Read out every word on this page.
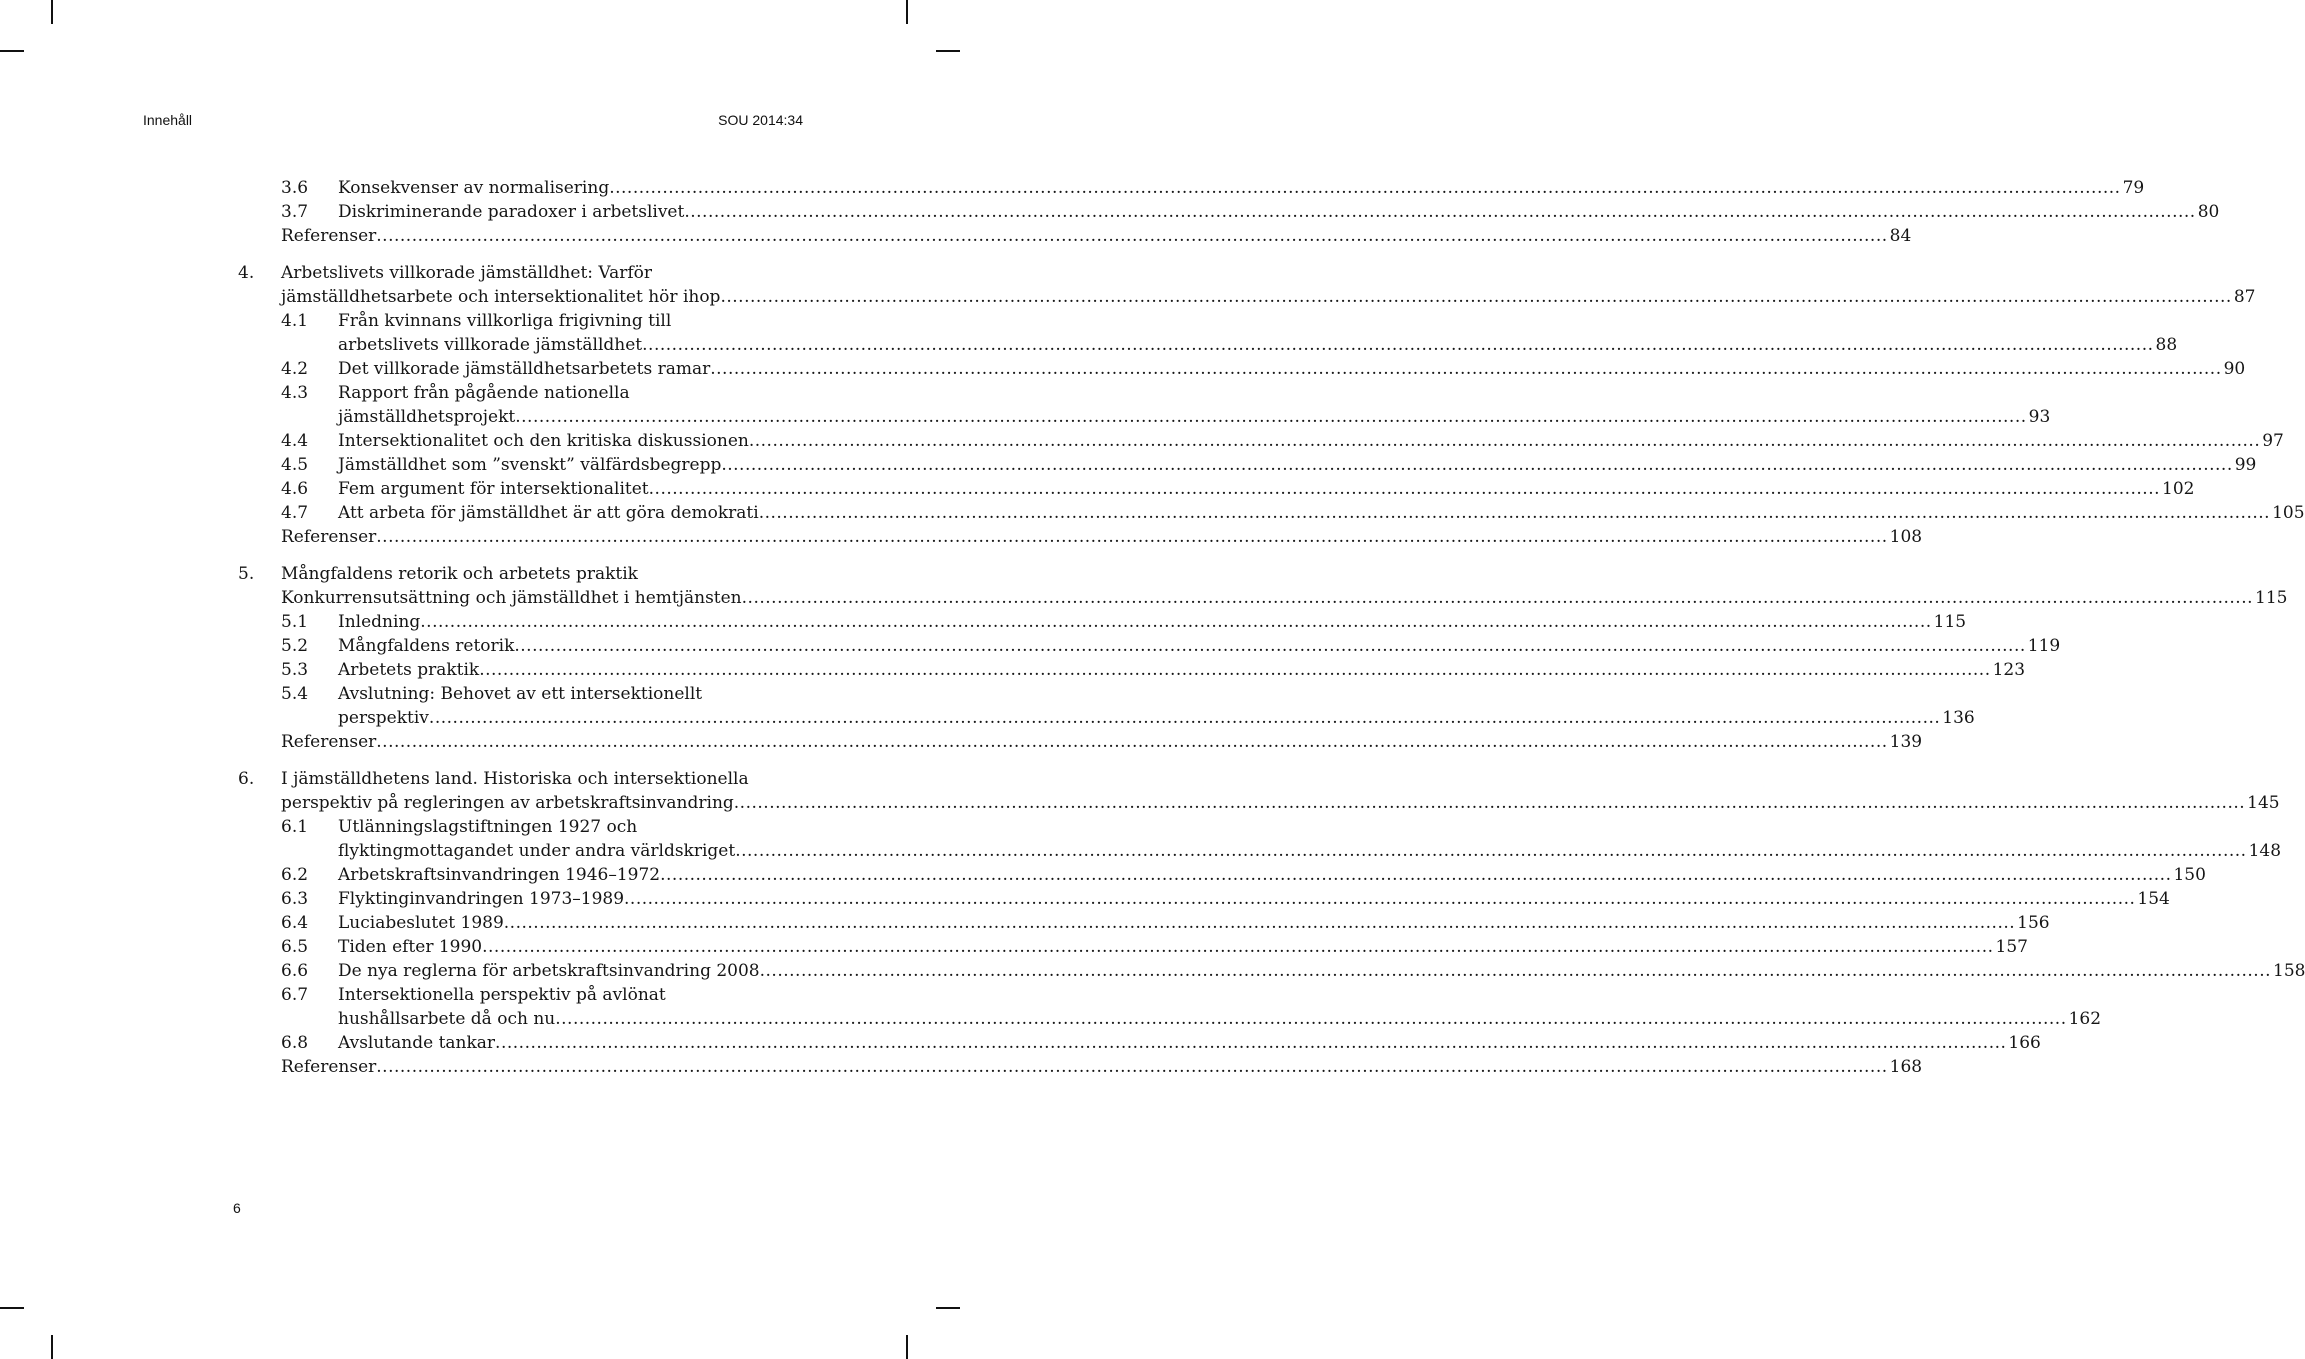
Innehåll	SOU 2014:34
3.6 Konsekvenser av normalisering .....	79
3.7 Diskriminerande paradoxer i arbetslivet .....	80
Referenser .....	84
4. Arbetslivets villkorade jämställdhet: Varför
jämställdhetsarbete och intersektionalitet hör ihop .....	87
4.1 Från kvinnans villkorliga frigivning till
arbetslivets villkorade jämställdhet .....	88
4.2 Det villkorade jämställdhetsarbetets ramar .....	90
4.3 Rapport från pågående nationella
jämställdhetsprojekt .....	93
4.4 Intersektionalitet och den kritiska diskussionen .....	97
4.5 Jämställdhet som ”svenskt” välfärdsbegrepp .....	99
4.6 Fem argument för intersektionalitet .....	102
4.7 Att arbeta för jämställdhet är att göra demokrati .....	105
Referenser .....	108
5. Mångfaldens retorik och arbetets praktik
Konkurrensutsättning och jämställdhet i hemtjänsten .....	115
5.1 Inledning .....	115
5.2 Mångfaldens retorik .....	119
5.3 Arbetets praktik .....	123
5.4 Avslutning: Behovet av ett intersektionellt
perspektiv .....	136
Referenser .....	139
6. I jämställdhetens land. Historiska och intersektionella
perspektiv på regleringen av arbetskraftsinvandring .....	145
6.1 Utlänningslagstiftningen 1927 och
flyktingmottagandet under andra världskriget .....	148
6.2 Arbetskraftsinvandringen 1946–1972 .....	150
6.3 Flyktinginvandringen 1973–1989 .....	154
6.4 Luciabeslutet 1989 .....	156
6.5 Tiden efter 1990 .....	157
6.6 De nya reglerna för arbetskraftsinvandring 2008 .....	158
6.7 Intersektionella perspektiv på avlönat
hushållsarbete då och nu .....	162
6.8 Avslutande tankar .....	166
Referenser .....	168
6
